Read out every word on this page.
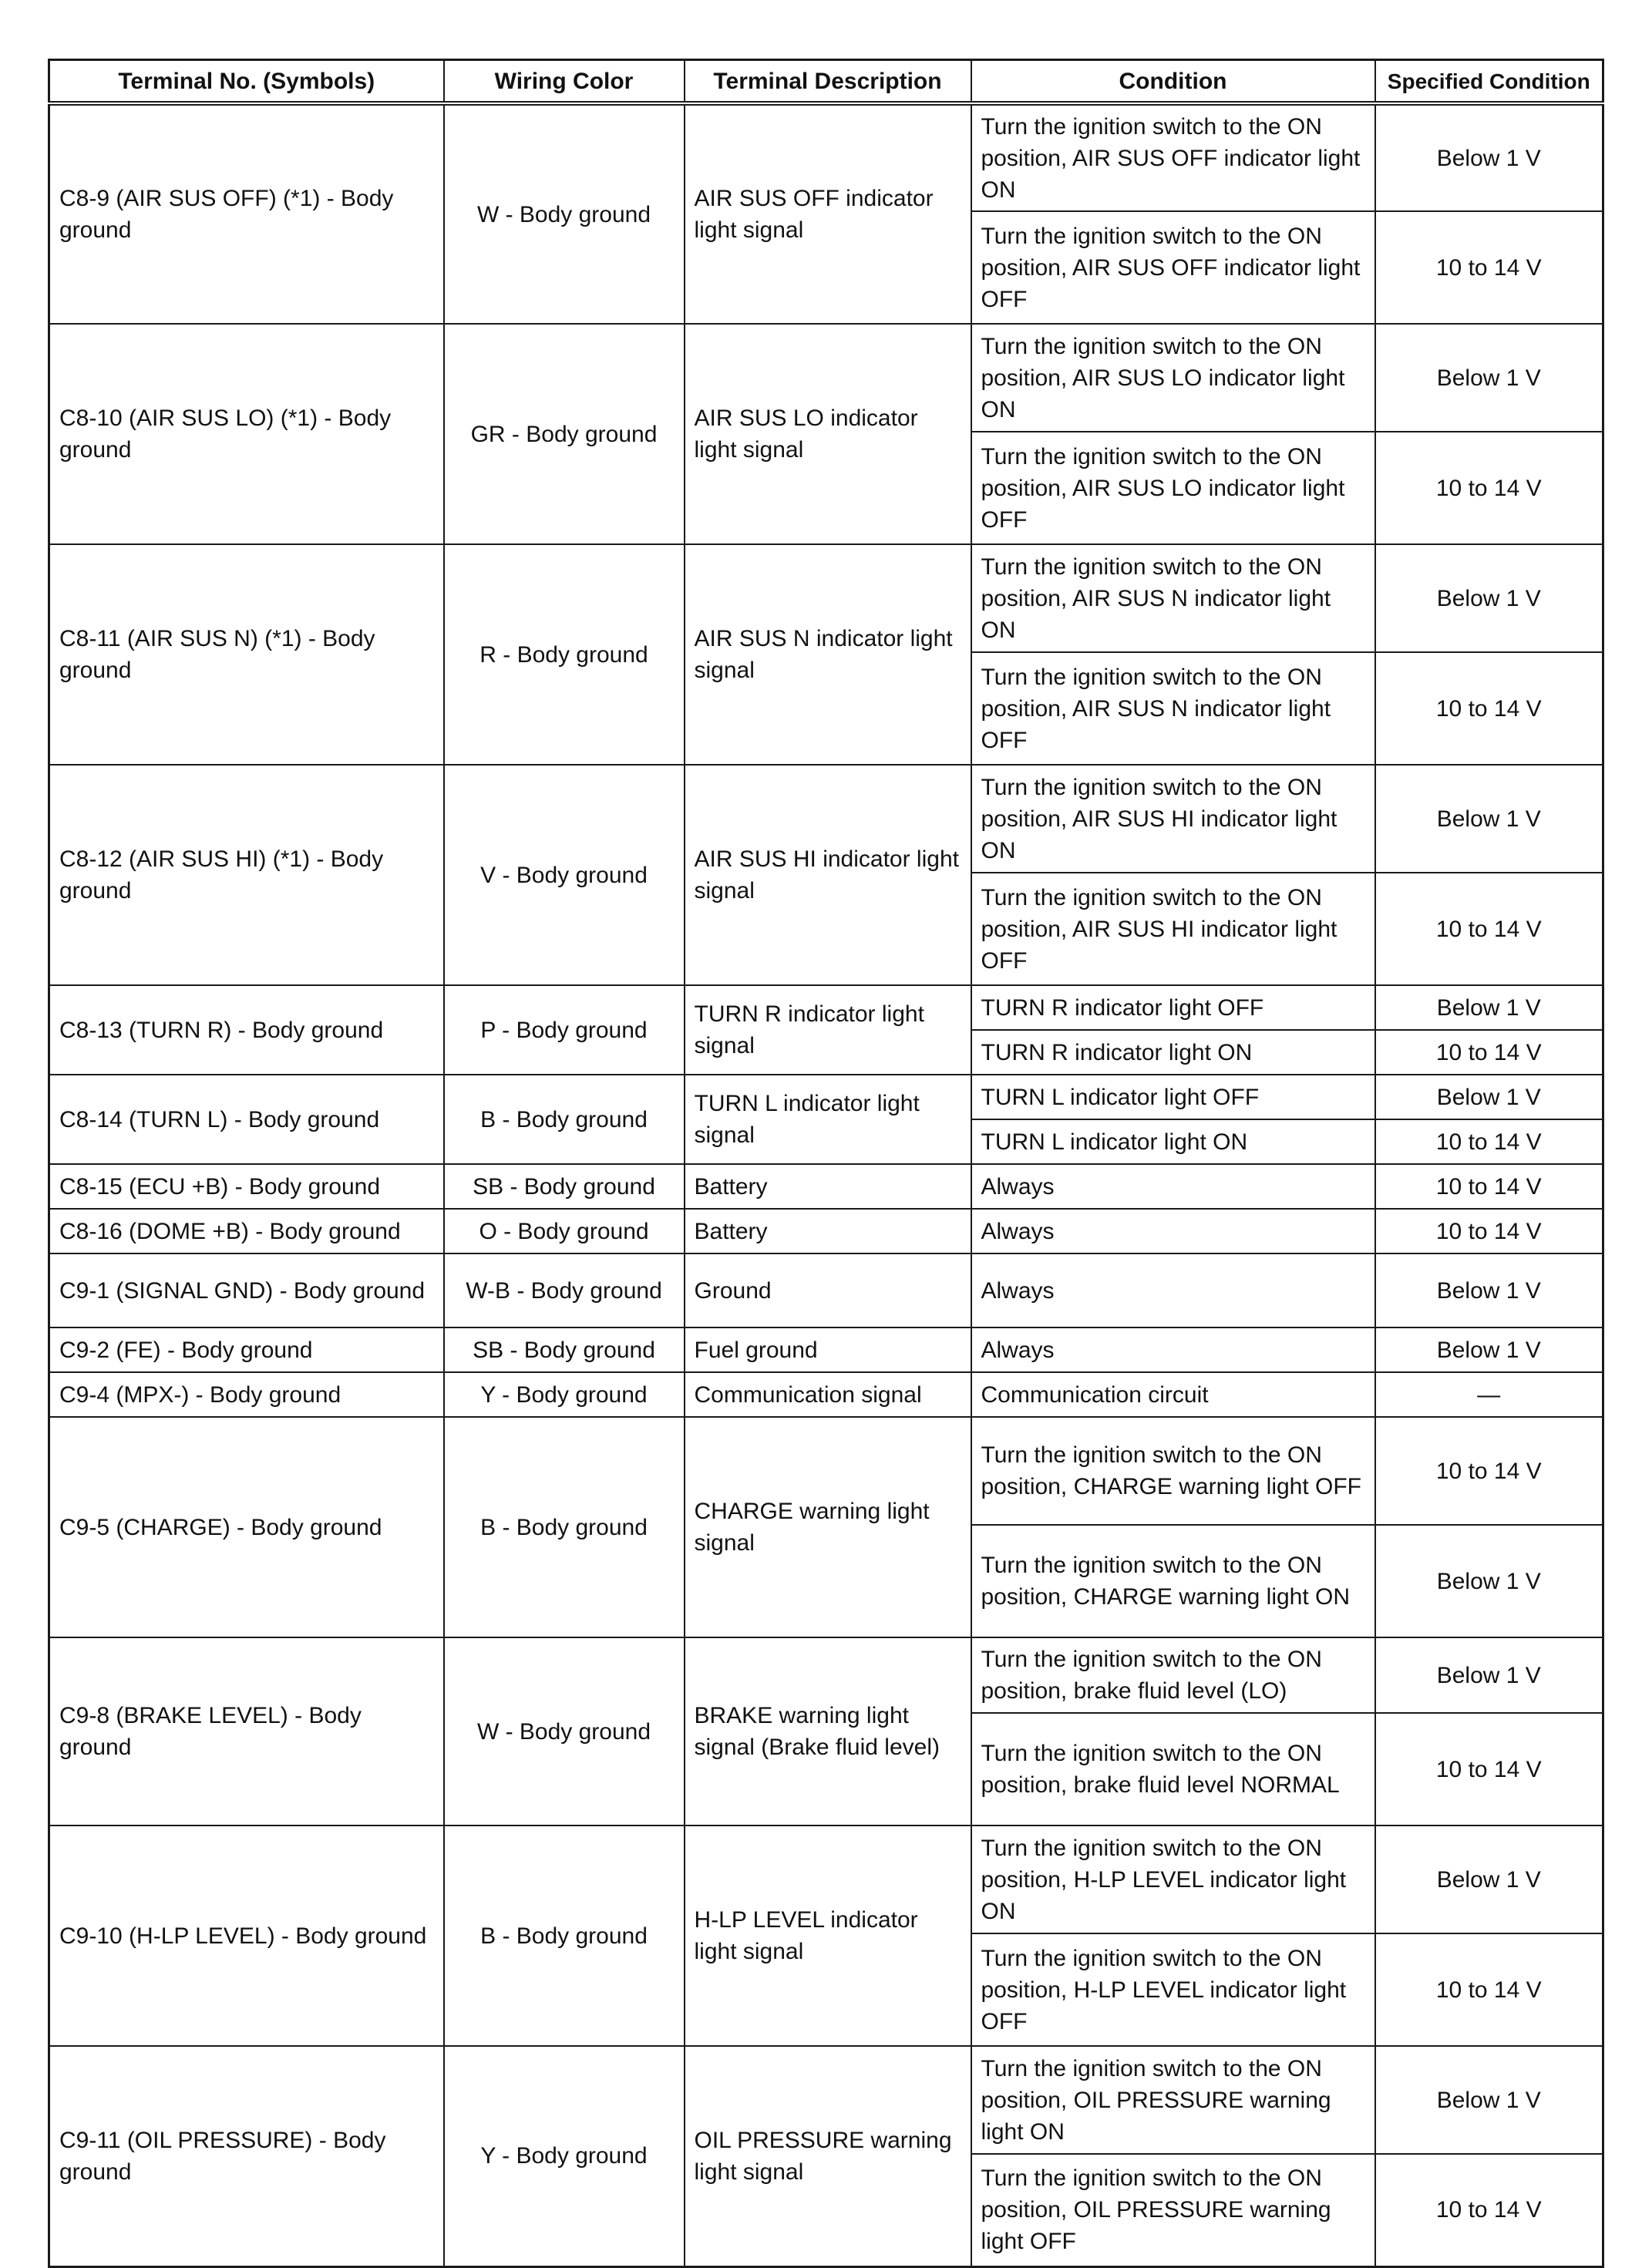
Terminal No. (Symbols)	Wiring Color	Terminal Description	Condition	Specified Condition
C8-9 (AIR SUS OFF) (*1) - Body ground	W - Body ground	AIR SUS OFF indicator light signal	Turn the ignition switch to the ON position, AIR SUS OFF indicator light ON	Below 1 V
			Turn the ignition switch to the ON position, AIR SUS OFF indicator light OFF	10 to 14 V
C8-10 (AIR SUS LO) (*1) - Body ground	GR - Body ground	AIR SUS LO indicator light signal	Turn the ignition switch to the ON position, AIR SUS LO indicator light ON	Below 1 V
			Turn the ignition switch to the ON position, AIR SUS LO indicator light OFF	10 to 14 V
C8-11 (AIR SUS N) (*1) - Body ground	R - Body ground	AIR SUS N indicator light signal	Turn the ignition switch to the ON position, AIR SUS N indicator light ON	Below 1 V
			Turn the ignition switch to the ON position, AIR SUS N indicator light OFF	10 to 14 V
C8-12 (AIR SUS HI) (*1) - Body ground	V - Body ground	AIR SUS HI indicator light signal	Turn the ignition switch to the ON position, AIR SUS HI indicator light ON	Below 1 V
			Turn the ignition switch to the ON position, AIR SUS HI indicator light OFF	10 to 14 V
C8-13 (TURN R) - Body ground	P - Body ground	TURN R indicator light signal	TURN R indicator light OFF	Below 1 V
			TURN R indicator light ON	10 to 14 V
C8-14 (TURN L) - Body ground	B - Body ground	TURN L indicator light signal	TURN L indicator light OFF	Below 1 V
			TURN L indicator light ON	10 to 14 V
C8-15 (ECU +B) - Body ground	SB - Body ground	Battery	Always	10 to 14 V
C8-16 (DOME +B) - Body ground	O - Body ground	Battery	Always	10 to 14 V
C9-1 (SIGNAL GND) - Body ground	W-B - Body ground	Ground	Always	Below 1 V
C9-2 (FE) - Body ground	SB - Body ground	Fuel ground	Always	Below 1 V
C9-4 (MPX-) - Body ground	Y - Body ground	Communication signal	Communication circuit	—
C9-5 (CHARGE) - Body ground	B - Body ground	CHARGE warning light signal	Turn the ignition switch to the ON position, CHARGE warning light OFF	10 to 14 V
			Turn the ignition switch to the ON position, CHARGE warning light ON	Below 1 V
C9-8 (BRAKE LEVEL) - Body ground	W - Body ground	BRAKE warning light signal (Brake fluid level)	Turn the ignition switch to the ON position, brake fluid level (LO)	Below 1 V
			Turn the ignition switch to the ON position, brake fluid level NORMAL	10 to 14 V
C9-10 (H-LP LEVEL) - Body ground	B - Body ground	H-LP LEVEL indicator light signal	Turn the ignition switch to the ON position, H-LP LEVEL indicator light ON	Below 1 V
			Turn the ignition switch to the ON position, H-LP LEVEL indicator light OFF	10 to 14 V
C9-11 (OIL PRESSURE) - Body ground	Y - Body ground	OIL PRESSURE warning light signal	Turn the ignition switch to the ON position, OIL PRESSURE warning light ON	Below 1 V
			Turn the ignition switch to the ON position, OIL PRESSURE warning light OFF	10 to 14 V
